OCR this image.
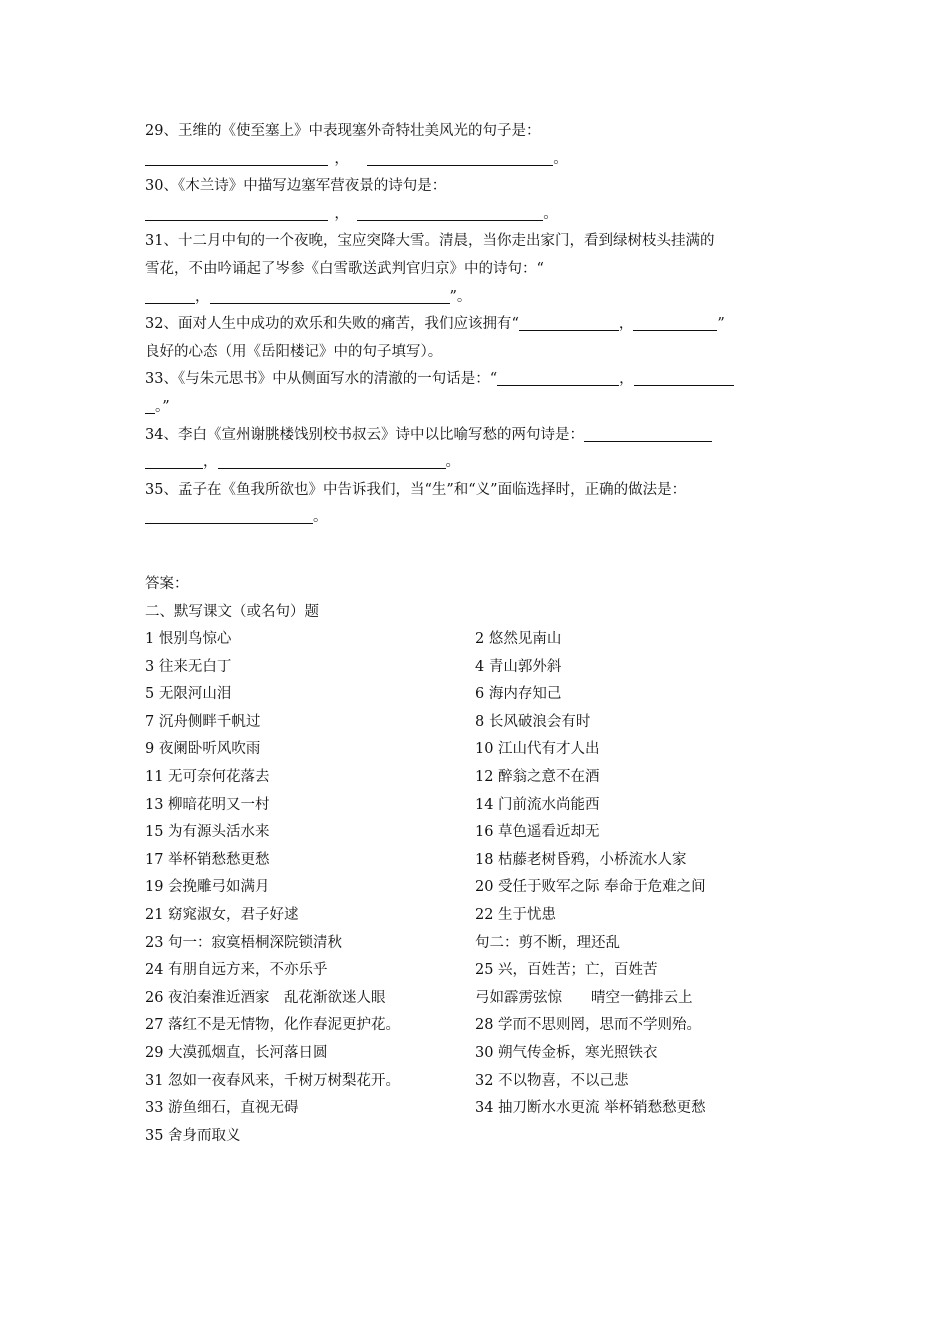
29、王维的《使至塞上》中表现塞外奇特壮美风光的句子是：
，	。
30、《木兰诗》中描写边塞军营夜景的诗句是：
，	。
31、十二月中旬的一个夜晚，宝应突降大雪。清晨，当你走出家门，看到绿树枝头挂满的
雪花，不由吟诵起了岑参《白雪歌送武判官归京》中的诗句：“
，	”。
32、面对人生中成功的欢乐和失败的痛苦，我们应该拥有“	，	”
良好的心态（用《岳阳楼记》中的句子填写）。
33、《与朱元思书》中从侧面写水的清澈的一句话是：“	，
。”
34、李白《宣州谢朓楼饯别校书叔云》诗中以比喻写愁的两句诗是：
，	。
35、孟子在《鱼我所欲也》中告诉我们，当“生”和“义”面临选择时，正确的做法是：
。
答案：
二、默写课文（或名句）题
1 恨别鸟惊心	2 悠然见南山
3 往来无白丁	4 青山郭外斜
5 无限河山泪	6 海内存知己
7 沉舟侧畔千帆过	8 长风破浪会有时
9 夜阑卧听风吹雨	10 江山代有才人出
11 无可奈何花落去	12 醉翁之意不在酒
13 柳暗花明又一村	14 门前流水尚能西
15 为有源头活水来	16 草色遥看近却无
17 举杯销愁愁更愁	18 枯藤老树昏鸦，小桥流水人家
19 会挽雕弓如满月	20 受任于败军之际 奉命于危难之间
21 窈窕淑女，君子好逑	22 生于忧患
23 句一：寂寞梧桐深院锁清秋	句二：剪不断，理还乱
24 有朋自远方来，不亦乐乎	25 兴，百姓苦；亡，百姓苦
26 夜泊秦淮近酒家　乱花渐欲迷人眼	弓如霹雳弦惊　　晴空一鹤排云上
27 落红不是无情物，化作春泥更护花。	28 学而不思则罔，思而不学则殆。
29 大漠孤烟直，长河落日圆	30 朔气传金柝，寒光照铁衣
31 忽如一夜春风来，千树万树梨花开。	32 不以物喜，不以己悲
33 游鱼细石，直视无碍	34 抽刀断水水更流 举杯销愁愁更愁
35 舍身而取义
